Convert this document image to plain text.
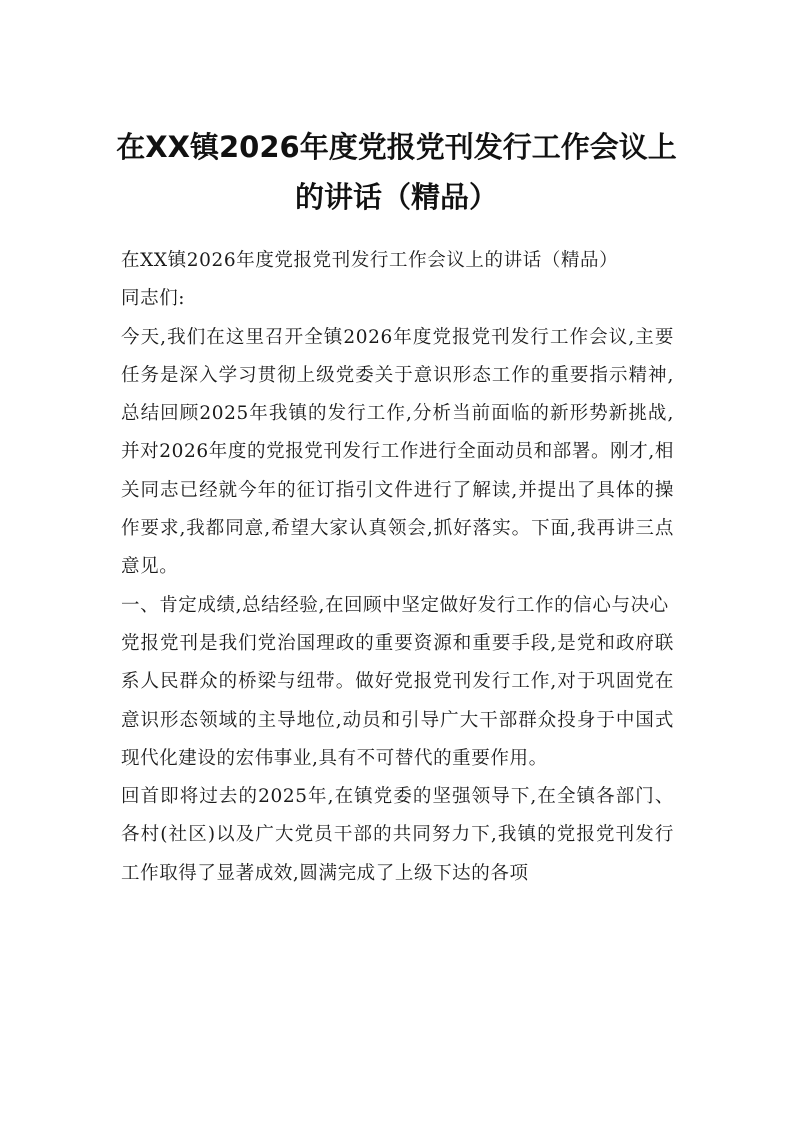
在XX镇2026年度党报党刊发行工作会议上
的讲话（精品）

在XX镇2026年度党报党刊发行工作会议上的讲话（精品）

同志们:

今天,我们在这里召开全镇2026年度党报党刊发行工作会议,主要任务是深入学习贯彻上级党委关于意识形态工作的重要指示精神,总结回顾2025年我镇的发行工作,分析当前面临的新形势新挑战,并对2026年度的党报党刊发行工作进行全面动员和部署。刚才,相关同志已经就今年的征订指引文件进行了解读,并提出了具体的操作要求,我都同意,希望大家认真领会,抓好落实。下面,我再讲三点意见。

一、肯定成绩,总结经验,在回顾中坚定做好发行工作的信心与决心

党报党刊是我们党治国理政的重要资源和重要手段,是党和政府联系人民群众的桥梁与纽带。做好党报党刊发行工作,对于巩固党在意识形态领域的主导地位,动员和引导广大干部群众投身于中国式现代化建设的宏伟事业,具有不可替代的重要作用。

回首即将过去的2025年,在镇党委的坚强领导下,在全镇各部门、各村(社区)以及广大党员干部的共同努力下,我镇的党报党刊发行工作取得了显著成效,圆满完成了上级下达的各项
